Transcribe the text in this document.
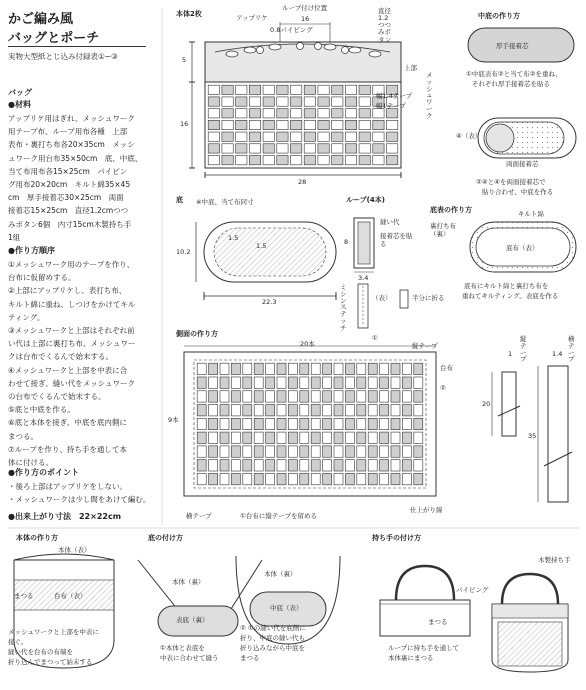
かご編み風
バッグとポーチ
実物大型紙とじ込み付録表①~③
バッグ
●材料
アップリケ用はぎれ、メッシュワーク
用テープ布、ループ用布各種　上部
表布・裏打ち布各20×35cm　メッシ
ュワーク用台布35×50cm　底、中底、
当て布用布各15×25cm　パイピン
グ用布20×20cm　キルト綿35×45
cm　厚手接着芯30×25cm　両面
接着芯15×25cm　直径1.2cmつつ
みボタン6個　内寸15cm木製持ち手
1組
●作り方順序
①メッシュワーク用のテープを作り、
台布に仮留めする。
②上部にアップリケし、表打ち布、
キルト綿に重ね、しつけをかけてキル
ティング。
③メッシュワークと上部はそれぞれ前
い代は上部に裏打ち布、メッシュワー
クは台布でくるんで始末する。
④メッシュワークと上部を中表に合
わせて接ぎ、縫い代をメッシュワーク
の台布でくるんで始末する。
⑤底と中底を作る。
⑥底と本体を接ぎ、中底を底内側に
まつる。
⑦ループを作り、持ち手を通して本
体に付ける。
●作り方のポイント
・後ろ上部はアップリケをしない。
・メッシュワークは少し間をあけて編む。
●出来上がり寸法　22×22cm
本体2枚	アップリケ
ループ付け位置
16
0.8パイピング
直径1.2つつみボタン
上部
メッシュワーク
幅1.4テープ
幅1テープ
5
16
28
中底の作り方
厚手接着芯
①中底表布②と当て布②を重ね、
それぞれ厚手接着芯を貼る
④（表）
両面接着芯
②④と④を両面接着芯で
貼り合わせ、中底を作る
底 ※中底、当て布同寸
1.5
1.5
10.2
22.3
ループ(4本)
縫い代
接着芯を貼る
8
3.4
ミシンステッチ
（表）	半分に折る
底表の作り方
裏打ち布（裏）
キルト綿
底布（表）
底布にキルト綿と裏打ち布を
重ねてキルティング。表底を作る
側面の作り方
20本
①
縦テープ
台布
②
9本
横テープ	①台布に縦テープを留める
仕上がり線
縦テープ
横テープ
1	1.4
20
35
本体の作り方
本体（表）
まつる	台布（表）
メッシュワークと上部を中表に
接ぐ。
縫い代を台布の布端を
折り込んでまつって始末する
底の付け方
本体（裏）
表底（裏）
①本体と表底を
中表に合わせて縫う
本体（裏）
中底（表）
② ①の縫い代を底側に
折り、中底の縫い代も
折り込みながら中底を
まつる
持ち手の付け方
パイピング
木製持ち手
まつる
ループに持ち手を通して
本体裏にまつる
